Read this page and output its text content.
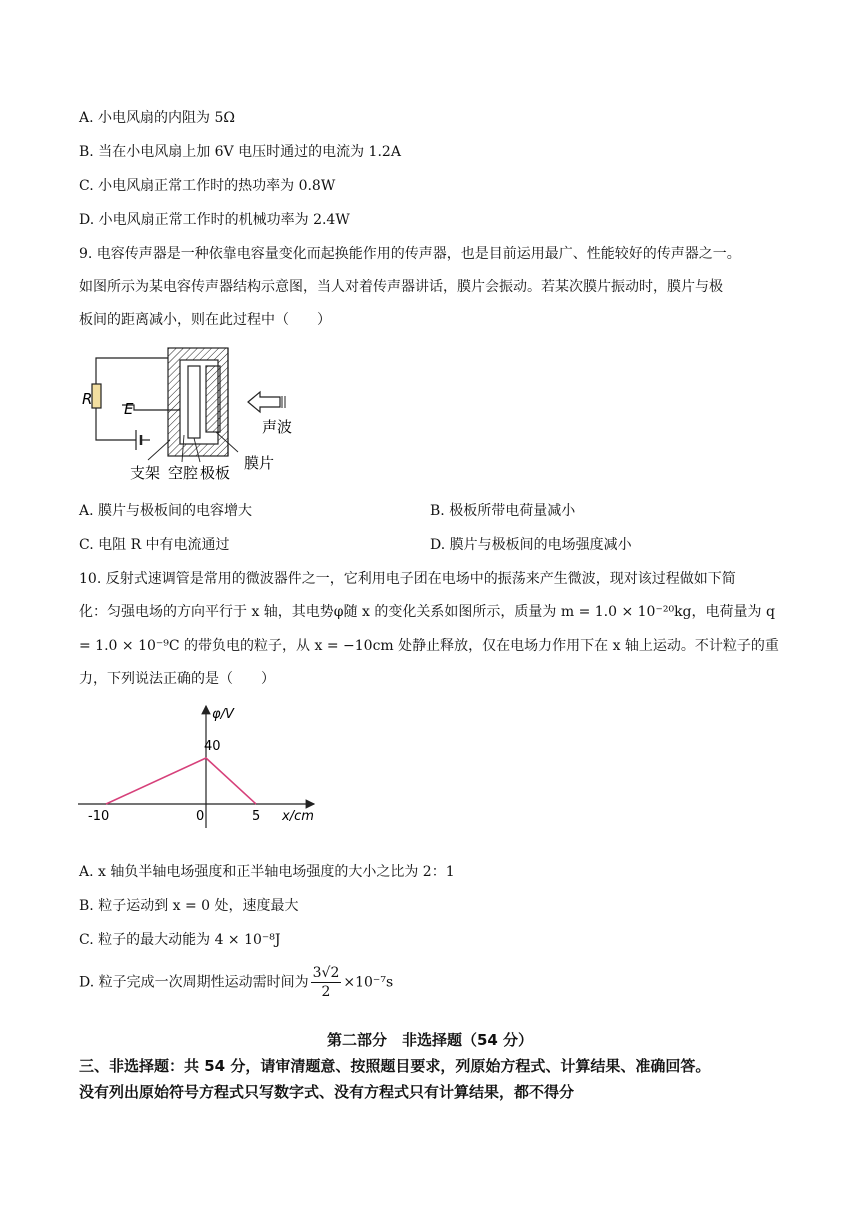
A. 小电风扇的内阻为 5Ω
B. 当在小电风扇上加 6V 电压时通过的电流为 1.2A
C. 小电风扇正常工作时的热功率为 0.8W
D. 小电风扇正常工作时的机械功率为 2.4W
9. 电容传声器是一种依靠电容量变化而起换能作用的传声器，也是目前运用最广、性能较好的传声器之一。
如图所示为某电容传声器结构示意图，当人对着传声器讲话，膜片会振动。若某次膜片振动时，膜片与极
板间的距离减小，则在此过程中（　　）
R
E
声波
支架 空腔 极板
膜片
A. 膜片与极板间的电容增大	B. 极板所带电荷量减小
C. 电阻 R 中有电流通过	D. 膜片与极板间的电场强度减小
10. 反射式速调管是常用的微波器件之一，它利用电子团在电场中的振荡来产生微波，现对该过程做如下简
化：匀强电场的方向平行于 x 轴，其电势φ随 x 的变化关系如图所示，质量为 m = 1.0 × 10⁻²⁰kg，电荷量为 q
= 1.0 × 10⁻⁹C 的带负电的粒子，从 x = −10cm 处静止释放，仅在电场力作用下在 x 轴上运动。不计粒子的重
力，下列说法正确的是（　　）
-10	0	5
40
φ/V
x/cm
A. x 轴负半轴电场强度和正半轴电场强度的大小之比为 2：1
B. 粒子运动到 x = 0 处，速度最大
C. 粒子的最大动能为 4 × 10⁻⁸J
D. 粒子完成一次周期性运动需时间为 $\frac{3√2}{2} \times 10^{-7}s$
第二部分　非选择题（54 分）
三、非选择题：共 54 分，请审清题意、按照题目要求，列原始方程式、计算结果、准确回答。
没有列出原始符号方程式只写数字式、没有方程式只有计算结果，都不得分
